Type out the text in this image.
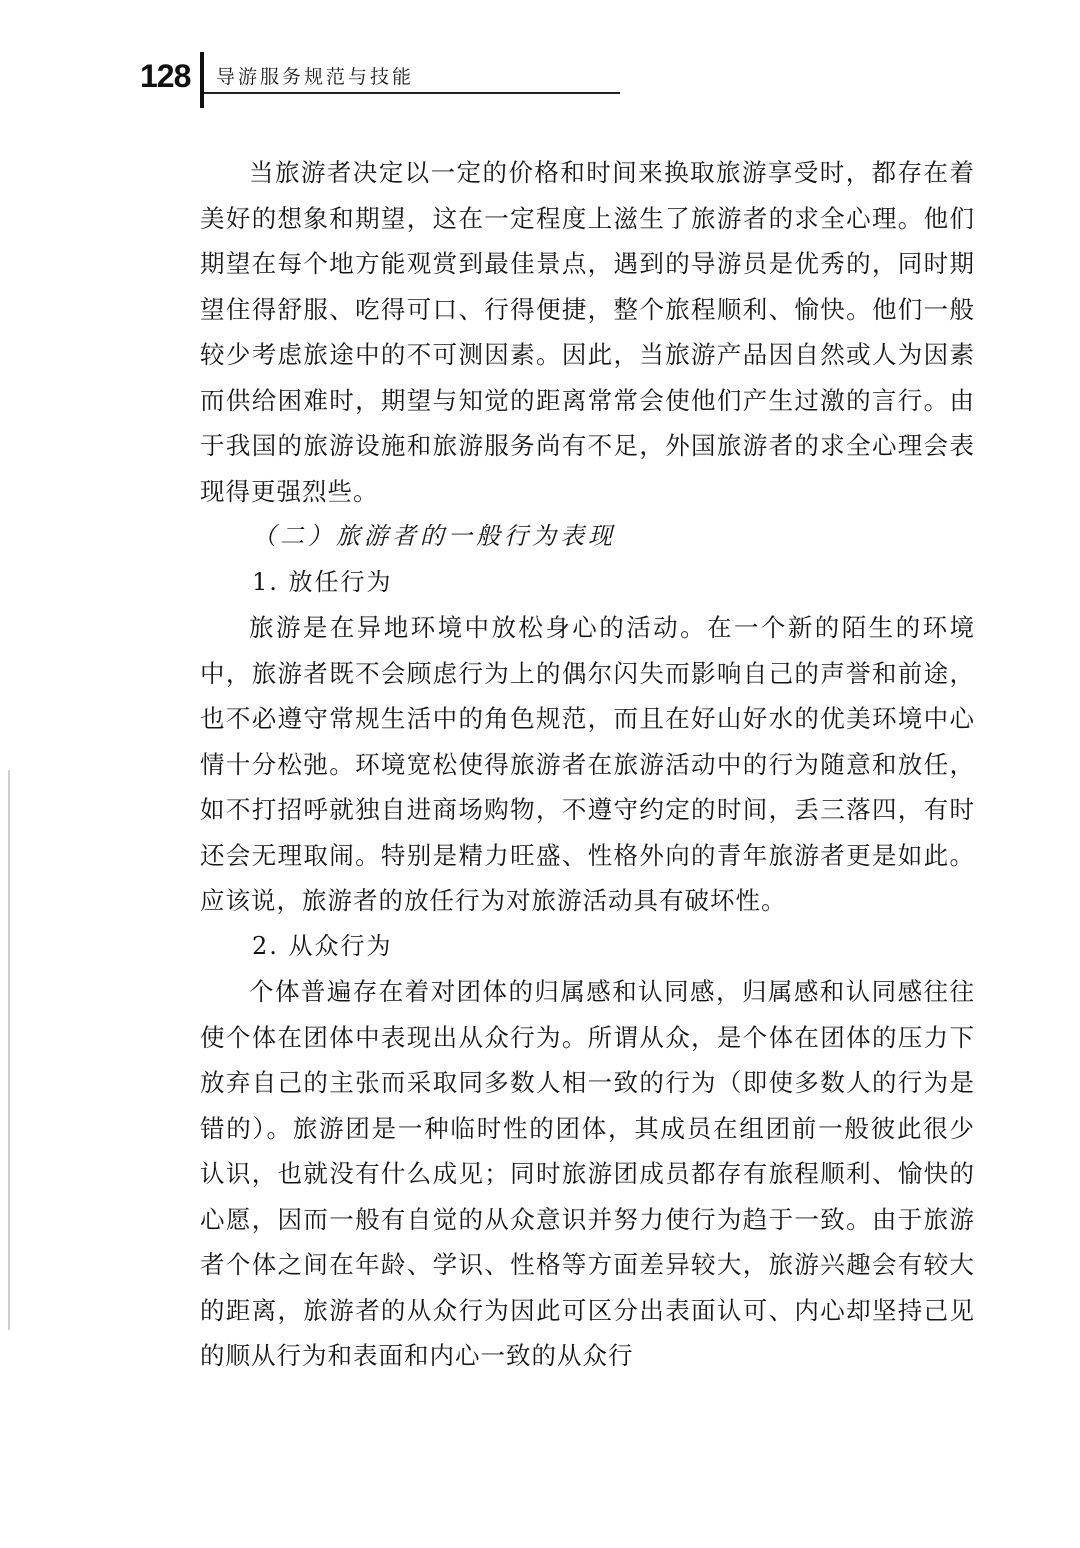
128 导游服务规范与技能

当旅游者决定以一定的价格和时间来换取旅游享受时，都存在着美好的想象和期望，这在一定程度上滋生了旅游者的求全心理。他们期望在每个地方能观赏到最佳景点，遇到的导游员是优秀的，同时期望住得舒服、吃得可口、行得便捷，整个旅程顺利、愉快。他们一般较少考虑旅途中的不可测因素。因此，当旅游产品因自然或人为因素而供给困难时，期望与知觉的距离常常会使他们产生过激的言行。由于我国的旅游设施和旅游服务尚有不足，外国旅游者的求全心理会表现得更强烈些。

（二）旅游者的一般行为表现

1. 放任行为

旅游是在异地环境中放松身心的活动。在一个新的陌生的环境中，旅游者既不会顾虑行为上的偶尔闪失而影响自己的声誉和前途，也不必遵守常规生活中的角色规范，而且在好山好水的优美环境中心情十分松弛。环境宽松使得旅游者在旅游活动中的行为随意和放任，如不打招呼就独自进商场购物，不遵守约定的时间，丢三落四，有时还会无理取闹。特别是精力旺盛、性格外向的青年旅游者更是如此。应该说，旅游者的放任行为对旅游活动具有破坏性。

2. 从众行为

个体普遍存在着对团体的归属感和认同感，归属感和认同感往往使个体在团体中表现出从众行为。所谓从众，是个体在团体的压力下放弃自己的主张而采取同多数人相一致的行为（即使多数人的行为是错的）。旅游团是一种临时性的团体，其成员在组团前一般彼此很少认识，也就没有什么成见；同时旅游团成员都存有旅程顺利、愉快的心愿，因而一般有自觉的从众意识并努力使行为趋于一致。由于旅游者个体之间在年龄、学识、性格等方面差异较大，旅游兴趣会有较大的距离，旅游者的从众行为因此可区分出表面认可、内心却坚持己见的顺从行为和表面和内心一致的从众行
